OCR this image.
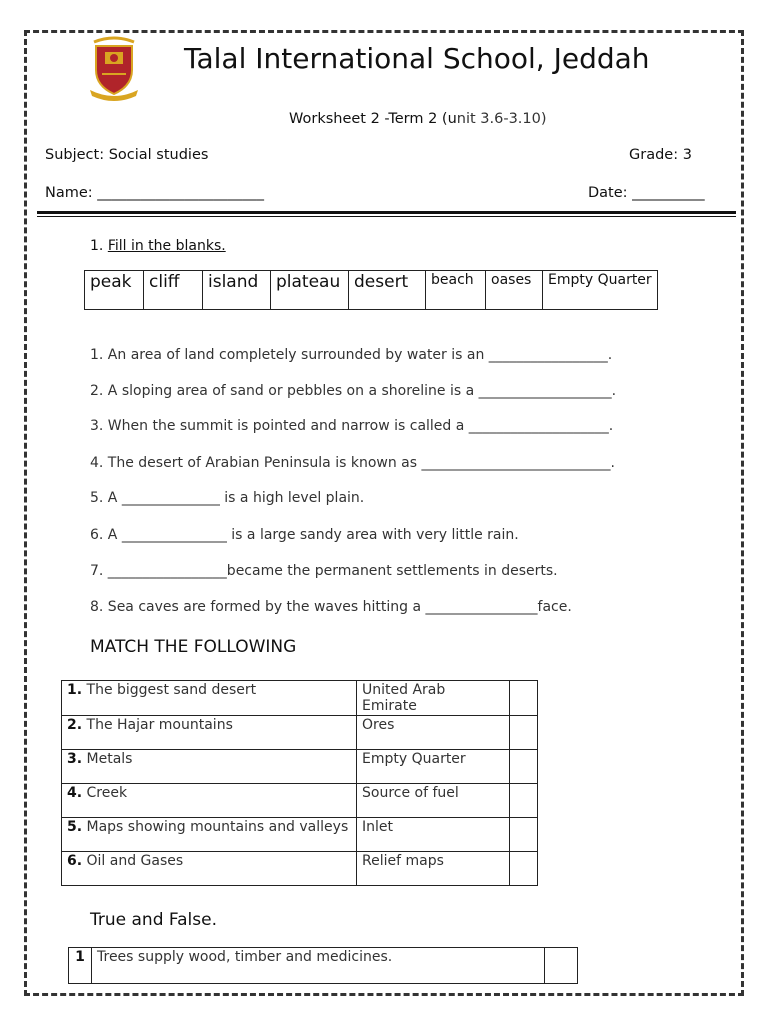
Talal International School, Jeddah
Worksheet 2 -Term 2 (unit 3.6-3.10)
Subject: Social studies	Grade: 3
Name: _______________________	Date: __________
1. Fill in the blanks.
peak	cliff	island	plateau	desert	beach	oases	Empty Quarter
1. An area of land completely surrounded by water is an _________________.
2. A sloping area of sand or pebbles on a shoreline is a ___________________.
3. When the summit is pointed and narrow is called a ____________________.
4. The desert of Arabian Peninsula is known as ___________________________.
5. A ______________ is a high level plain.
6. A _______________ is a large sandy area with very little rain.
7. _________________became the permanent settlements in deserts.
8. Sea caves are formed by the waves hitting a ________________face.
MATCH THE FOLLOWING
1. The biggest sand desert	United Arab Emirate	
2. The Hajar mountains	Ores	
3. Metals	Empty Quarter	
4. Creek	Source of fuel	
5. Maps showing mountains and valleys	Inlet	
6. Oil and Gases	Relief maps	
True and False.
1	Trees supply wood, timber and medicines.	
